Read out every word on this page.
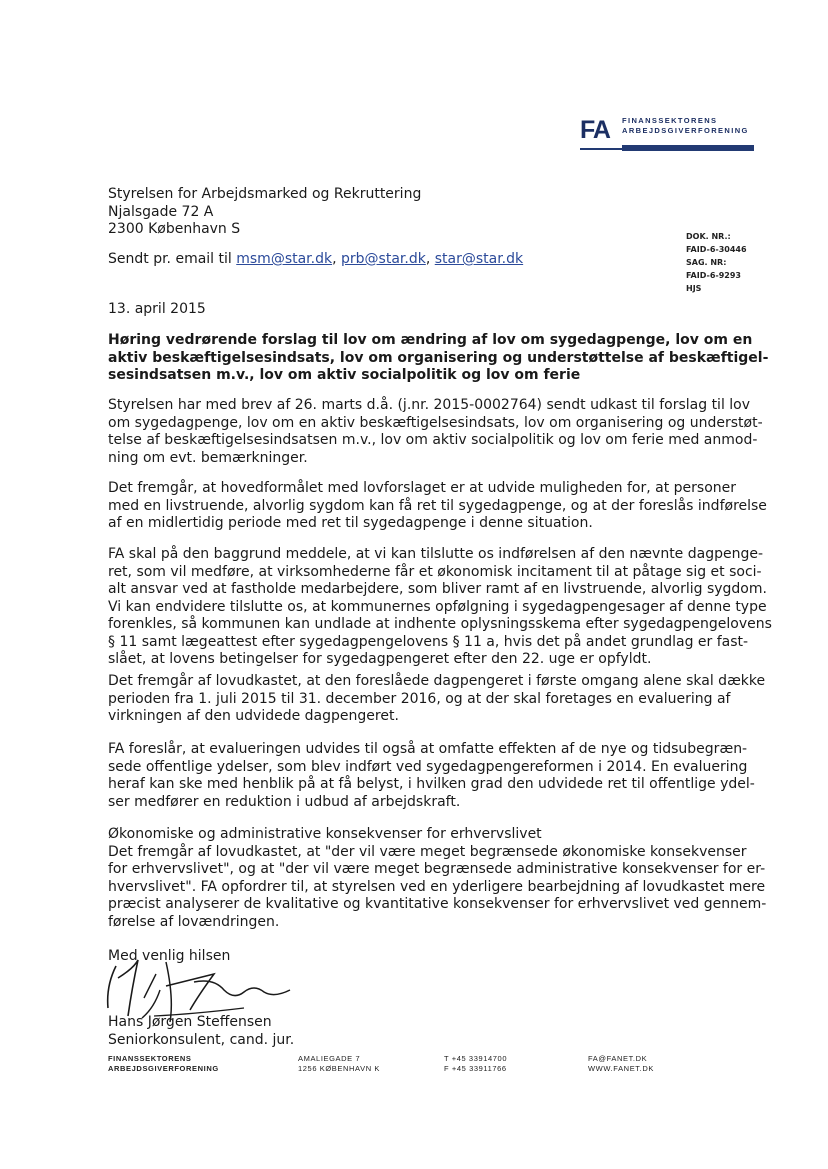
FA FINANSSEKTORENS
ARBEJDSGIVERFORENING
Styrelsen for Arbejdsmarked og Rekruttering
Njalsgade 72 A
2300 København S
Sendt pr. email til msm@star.dk, prb@star.dk, star@star.dk
DOK. NR.:
FAID-6-30446
SAG. NR:
FAID-6-9293
HJS
13. april 2015
Høring vedrørende forslag til lov om ændring af lov om sygedagpenge, lov om en
aktiv beskæftigelsesindsats, lov om organisering og understøttelse af beskæftigel-
sesindsatsen m.v., lov om aktiv socialpolitik og lov om ferie
Styrelsen har med brev af 26. marts d.å. (j.nr. 2015-0002764) sendt udkast til forslag til lov
om sygedagpenge, lov om en aktiv beskæftigelsesindsats, lov om organisering og understøt-
telse af beskæftigelsesindsatsen m.v., lov om aktiv socialpolitik og lov om ferie med anmod-
ning om evt. bemærkninger.
Det fremgår, at hovedformålet med lovforslaget er at udvide muligheden for, at personer
med en livstruende, alvorlig sygdom kan få ret til sygedagpenge, og at der foreslås indførelse
af en midlertidig periode med ret til sygedagpenge i denne situation.
FA skal på den baggrund meddele, at vi kan tilslutte os indførelsen af den nævnte dagpenge-
ret, som vil medføre, at virksomhederne får et økonomisk incitament til at påtage sig et soci-
alt ansvar ved at fastholde medarbejdere, som bliver ramt af en livstruende, alvorlig sygdom.
Vi kan endvidere tilslutte os, at kommunernes opfølgning i sygedagpengesager af denne type
forenkles, så kommunen kan undlade at indhente oplysningsskema efter sygedagpengelovens
§ 11 samt lægeattest efter sygedagpengelovens § 11 a, hvis det på andet grundlag er fast-
slået, at lovens betingelser for sygedagpengeret efter den 22. uge er opfyldt.
Det fremgår af lovudkastet, at den foreslåede dagpengeret i første omgang alene skal dække
perioden fra 1. juli 2015 til 31. december 2016, og at der skal foretages en evaluering af
virkningen af den udvidede dagpengeret.
FA foreslår, at evalueringen udvides til også at omfatte effekten af de nye og tidsubegræn-
sede offentlige ydelser, som blev indført ved sygedagpengereformen i 2014. En evaluering
heraf kan ske med henblik på at få belyst, i hvilken grad den udvidede ret til offentlige ydel-
ser medfører en reduktion i udbud af arbejdskraft.
Økonomiske og administrative konsekvenser for erhvervslivet
Det fremgår af lovudkastet, at "der vil være meget begrænsede økonomiske konsekvenser
for erhvervslivet", og at "der vil være meget begrænsede administrative konsekvenser for er-
hvervslivet". FA opfordrer til, at styrelsen ved en yderligere bearbejdning af lovudkastet mere
præcist analyserer de kvalitative og kvantitative konsekvenser for erhvervslivet ved gennem-
førelse af lovændringen.
Med venlig hilsen
Hans Jørgen Steffensen
Seniorkonsulent, cand. jur.
FINANSSEKTORENS
ARBEJDSGIVERFORENING
AMALIEGADE 7
1256 KØBENHAVN K
T +45 33914700
F +45 33911766
FA@FANET.DK
WWW.FANET.DK
